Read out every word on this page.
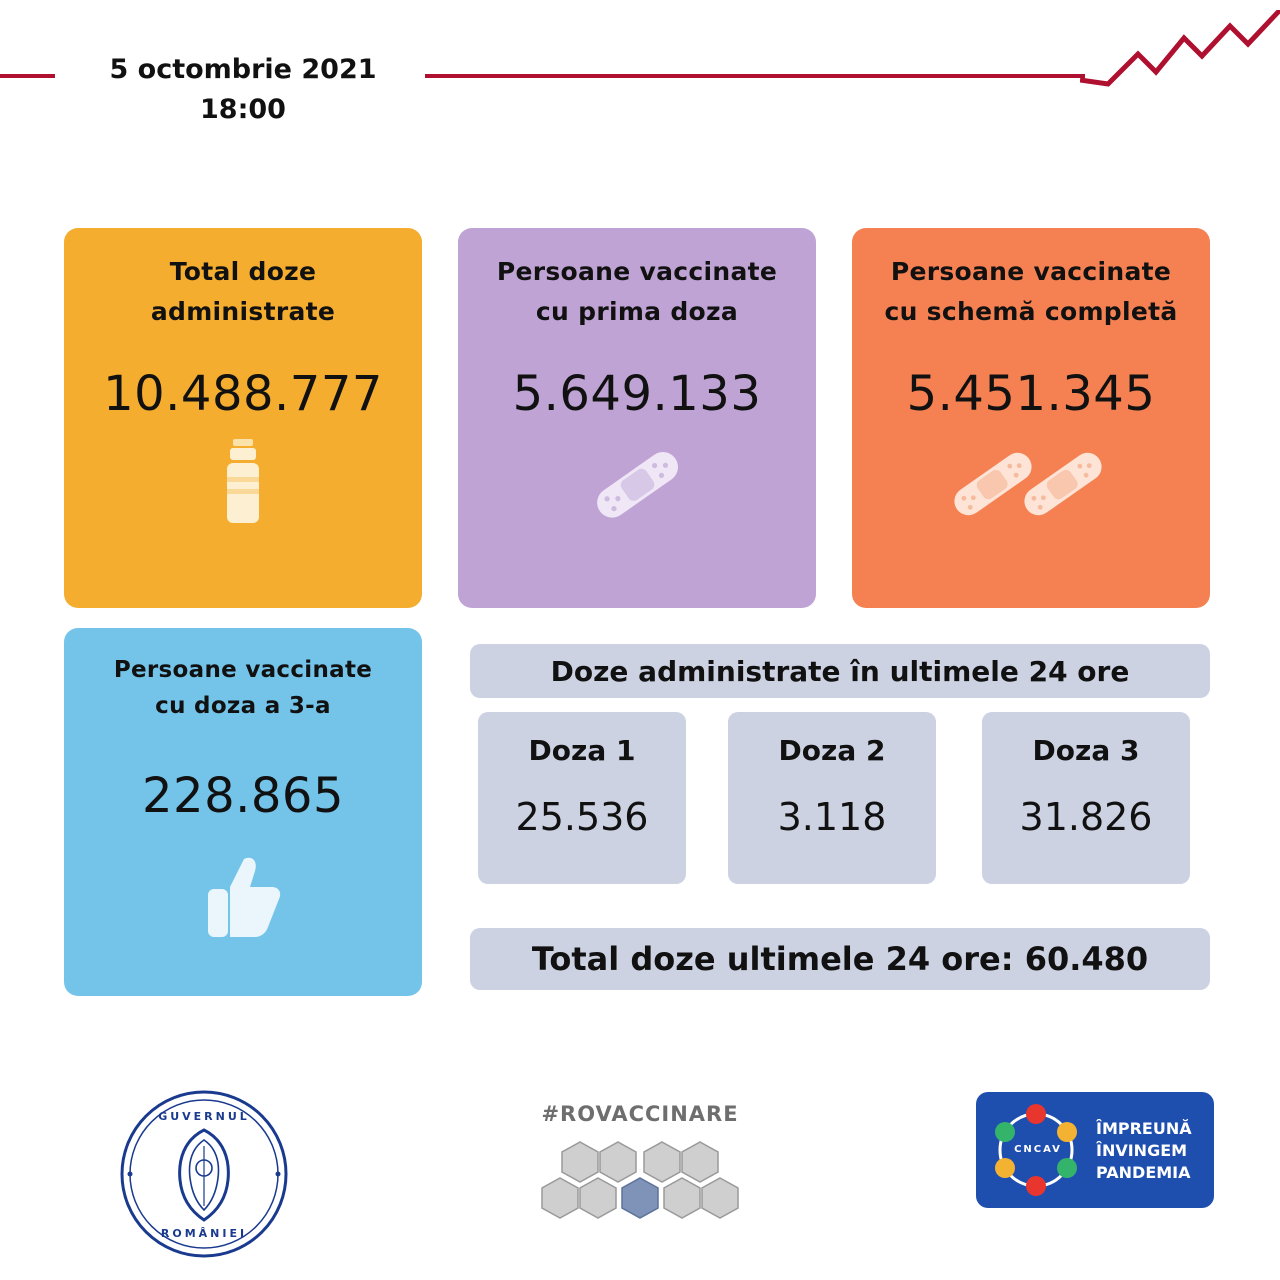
5 octombrie 2021
18:00
Total doze
administrate
10.488.777
Persoane vaccinate
cu prima doza
5.649.133
Persoane vaccinate
cu schemă completă
5.451.345
Persoane vaccinate
cu doza a 3-a
228.865
Doze administrate în ultimele 24 ore
Doza 1
25.536
Doza 2
3.118
Doza 3
31.826
Total doze ultimele 24 ore: 60.480
GUVERNUL
ROMÂNIEI
#ROVACCINARE
CNCAV
ÎMPREUNĂ
ÎNVINGEM
PANDEMIA
